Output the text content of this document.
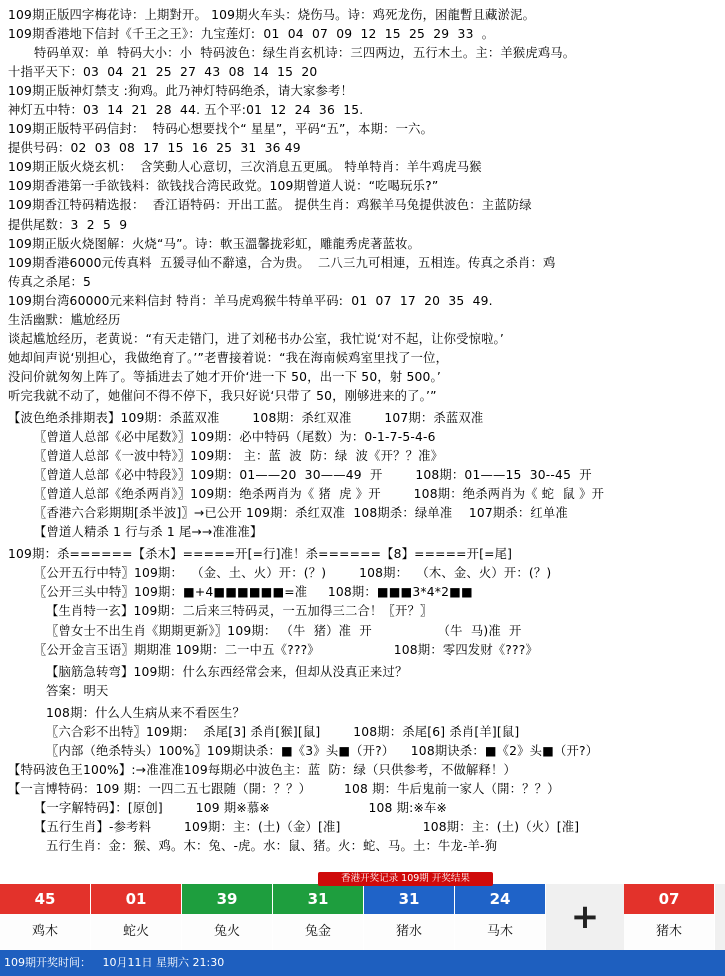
109期正版四字梅花诗：上期對开。 109期火车头：烧伤马。诗：鸡死龙伤，困龍暫且藏淤泥。
109期香港地下信封《千王之王》：九宝莲灯:  01  04  07  09  12  15  25  29  33  。
特码单双：单  特码大小：小  特码波色：绿生肖玄机诗：三四两边，五行木土。主：羊猴虎鸡马。
十指平天下：03  04  21  25  27  43  08  14  15  20
109期正版神灯禁支 :狗鸡。此乃神灯特码绝杀，请大家参考！
神灯五中特：03  14  21  28  44. 五个平:01  12  24  36  15.
109期正版特平码信封：  特码心想要找个“ 星星”，平码“五”，本期：一六。
提供号码：02  03  08  17  15  16  25  31  36 49
109期正版火烧玄机：  含笑動人心意切，三次消息五更風。 特单特肖：羊牛鸡虎马猴
109期香港第一手欲钱料：欲钱找合湾民政党。109期曾道人说：“吃喝玩乐?”
109期香江特码精选报：  香江语特码：开出工蓝。 提供生肖：鸡猴羊马兔提供波色：主蓝防绿
提供尾数：3  2  5  9
109期正版火烧图解：火烧“马”。诗：軟玉溫馨拢彩虹，雕龍秀虎著蓝妆。
109期香港6000元传真料  五猨寻仙不辭遠，合为贵。  二八三九可相連，五相连。传真之杀肖：鸡
传真之杀尾：5
109期台湾60000元来料信封 特肖：羊马虎鸡猴牛特单平码:  01  07  17  20  35  49.
生活幽默：尴尬经历
谈起尴尬经历，老黄说：“有天走错门，进了刘秘书办公室，我忙说‘对不起，让你受惊啦。’
她却间声说‘别担心，我做绝育了。’”老曹接着说：“我在海南候鸡室里找了一位，
没问价就匆匆上阵了。等插进去了她才开价‘进一下 50，出一下 50，射 500。’
听完我就不动了，她催问不得不停下，我只好说‘只带了 50，刚够进来的了。’”
【波色绝杀排期表】109期：杀蓝双准        108期：杀红双准        107期：杀蓝双准
〖曾道人总部《必中尾数》〗109期：必中特码（尾数）为：0-1-7-5-4-6
〖曾道人总部《一波中特》〗109期： 主：蓝  波  防：绿  波《开？？准》
〖曾道人总部《必中特段》〗109期：01——20  30——49  开        108期：01——15  30--45  开
〖曾道人总部《绝杀两肖》〗109期：绝杀两肖为《 猪  虎 》开        108期：绝杀两肖为《 蛇  鼠 》开
〖香港六合彩期期[杀半波]〗→已公开 109期：杀红双准  108期杀：绿单准    107期杀：红单准
【曾道人精杀 1 行与杀 1 尾→→准准准】
109期：杀======【杀木】=====开[=行]准！杀======【8】=====开[=尾]
〖公开五行中特〗109期：  （金、土、火）开：(？)        108期：  （木、金、火）开：(？)
〖公开三头中特〗109期：■+4■■■■■■=准     108期：■■■3*4*2■■
【生肖特一玄】109期：二后来三特码灵，一五加得三二合！〖开？〗
〖曾女士不出生肖《期期更新》〗109期： （牛  猪）准  开                （牛  马)准  开
〖公开金言玉语〗期期准 109期：二一中五《???》                  108期：零四发财《???》
【脑筋急转弯】109期：什么东西经常会来，但却从没真正来过？
答案：明天
108期：什么人生病从来不看医生？
〖六合彩不出特〗109期：  杀尾[3] 杀肖[猴][鼠]        108期：杀尾[6] 杀肖[羊][鼠]
〖内部（绝杀特头）100%〗109期诀杀：■《3》头■（开?）    108期诀杀：■《2》头■（开?）
【特码波色王100%】:→准准准109每期必中波色主：蓝  防：绿（只供参考，不做解释！）
【一言博特码：109 期：一四二五七跟随（開：？？）        108 期：牛后鬼前一家人（開：？？）
【一字解特码】：[原创]        109 期※慕※                        108 期:※车※
【五行生肖】-参考料        109期：主：(土)（金）[准]                    108期：主：(土)（火）[准]
五行生肖：金：猴、鸡。木：兔、-虎。水：鼠、猪。火：蛇、马。土：牛龙-羊-狗
香港开奖记录 109期 开奖结果
45
鸡木
01
蛇火
39
兔火
31
兔金
31
猪水
24
马木	+	07
猪木
109期开奖时间： 10月11日 星期六 21:30
